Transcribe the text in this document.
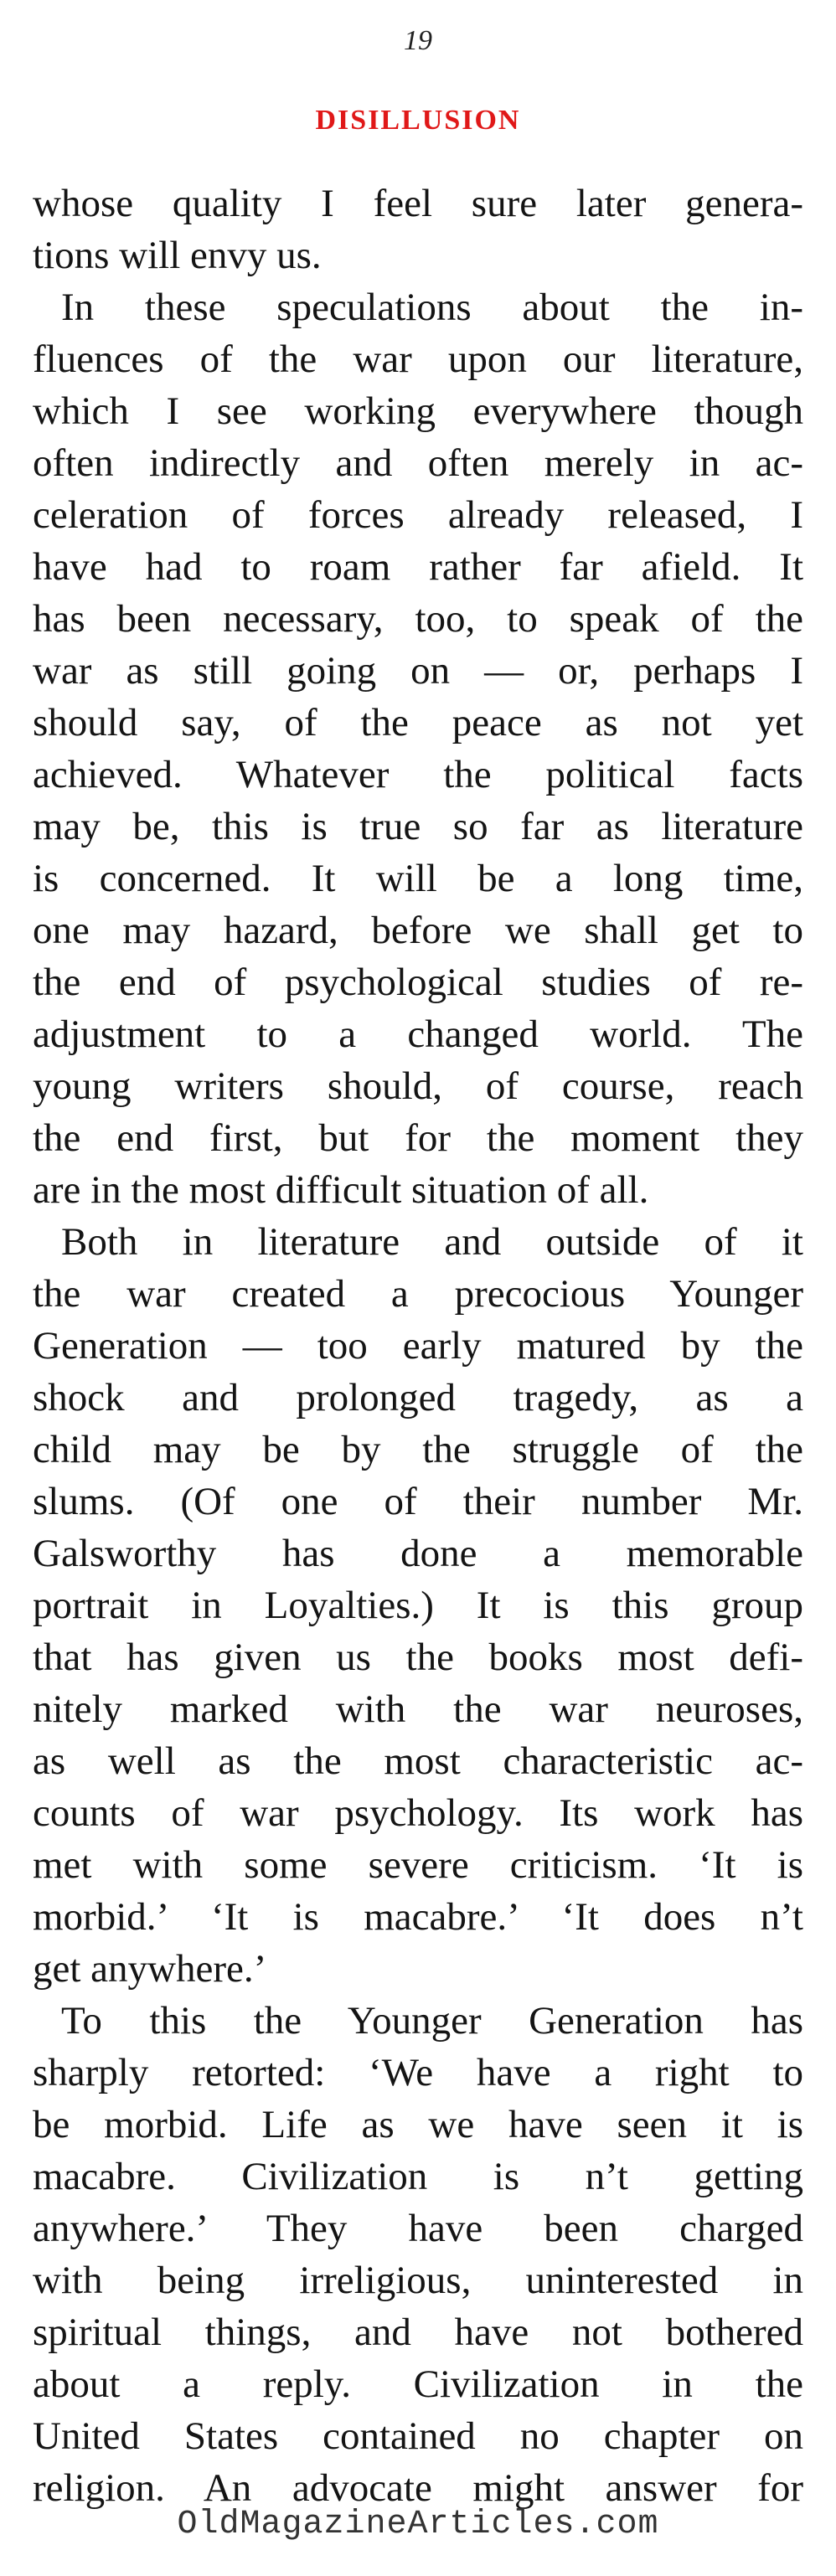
19
DISILLUSION
whose quality I feel sure later genera-
tions will envy us.
In these speculations about the in-
fluences of the war upon our literature,
which I see working everywhere though
often indirectly and often merely in ac-
celeration of forces already released, I
have had to roam rather far afield. It
has been necessary, too, to speak of the
war as still going on — or, perhaps I
should say, of the peace as not yet
achieved. Whatever the political facts
may be, this is true so far as literature
is concerned. It will be a long time,
one may hazard, before we shall get to
the end of psychological studies of re-
adjustment to a changed world. The
young writers should, of course, reach
the end first, but for the moment they
are in the most difficult situation of all.
Both in literature and outside of it
the war created a precocious Younger
Generation — too early matured by the
shock and prolonged tragedy, as a
child may be by the struggle of the
slums. (Of one of their number Mr.
Galsworthy has done a memorable
portrait in Loyalties.) It is this group
that has given us the books most defi-
nitely marked with the war neuroses,
as well as the most characteristic ac-
counts of war psychology. Its work has
met with some severe criticism. ‘It is
morbid.’ ‘It is macabre.’ ‘It does n’t
get anywhere.’
To this the Younger Generation has
sharply retorted: ‘We have a right to
be morbid. Life as we have seen it is
macabre. Civilization is n’t getting
anywhere.’ They have been charged
with being irreligious, uninterested in
spiritual things, and have not bothered
about a reply. Civilization in the
United States contained no chapter on
religion. An advocate might answer for
OldMagazineArticles.com
